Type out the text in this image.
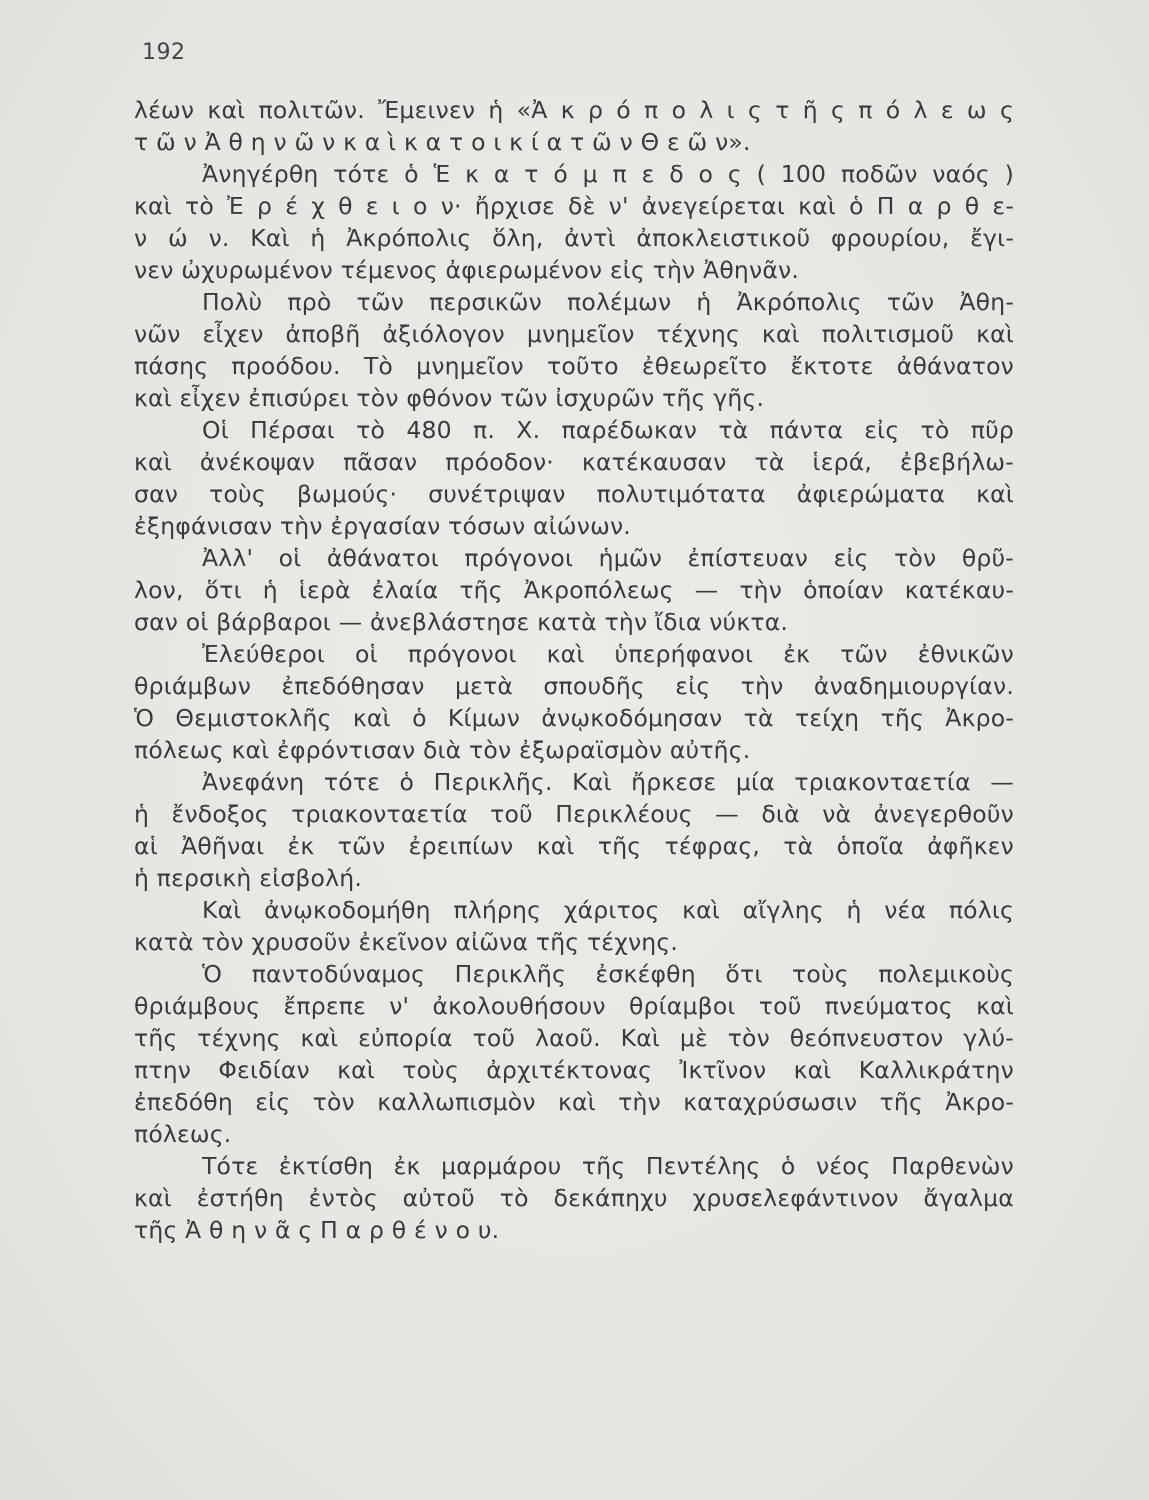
192
λέων καὶ πολιτῶν. Ἔμεινεν ἡ «Ἀ κ ρ ό π ο λ ι ς τ ῆ ς π ό λ ε ω ς
τ ῶ ν Ἀ θ η ν ῶ ν κ α ὶ κ α τ ο ι κ ί α τ ῶ ν Θ ε ῶ ν».
Ἀνηγέρθη τότε ὁ Ἑ κ α τ ό μ π ε δ ο ς ( 100 ποδῶν ναός )
καὶ τὸ Ἐ ρ έ χ θ ε ι ο ν· ἤρχισε δὲ ν' ἀνεγείρεται καὶ ὁ Π α ρ θ ε-
ν ώ ν. Καὶ ἡ Ἀκρόπολις ὅλη, ἀντὶ ἀποκλειστικοῦ φρουρίου, ἔγι-
νεν ὠχυρωμένον τέμενος ἀφιερωμένον εἰς τὴν Ἀθηνᾶν.
Πολὺ πρὸ τῶν περσικῶν πολέμων ἡ Ἀκρόπολις τῶν Ἀθη-
νῶν εἶχεν ἀποβῆ ἀξιόλογον μνημεῖον τέχνης καὶ πολιτισμοῦ καὶ
πάσης προόδου. Τὸ μνημεῖον τοῦτο ἐθεωρεῖτο ἔκτοτε ἀθάνατον
καὶ εἶχεν ἐπισύρει τὸν φθόνον τῶν ἰσχυρῶν τῆς γῆς.
Οἱ Πέρσαι τὸ 480 π. Χ. παρέδωκαν τὰ πάντα εἰς τὸ πῦρ
καὶ ἀνέκοψαν πᾶσαν πρόοδον· κατέκαυσαν τὰ ἱερά, ἐβεβήλω-
σαν τοὺς βωμούς· συνέτριψαν πολυτιμότατα ἀφιερώματα καὶ
ἐξηφάνισαν τὴν ἐργασίαν τόσων αἰώνων.
Ἀλλ' οἱ ἀθάνατοι πρόγονοι ἡμῶν ἐπίστευαν εἰς τὸν θρῦ-
λον, ὅτι ἡ ἱερὰ ἐλαία τῆς Ἀκροπόλεως — τὴν ὁποίαν κατέκαυ-
σαν οἱ βάρβαροι — ἀνεβλάστησε κατὰ τὴν ἴδια νύκτα.
Ἐλεύθεροι οἱ πρόγονοι καὶ ὑπερήφανοι ἐκ τῶν ἐθνικῶν
θριάμβων ἐπεδόθησαν μετὰ σπουδῆς εἰς τὴν ἀναδημιουργίαν.
Ὁ Θεμιστοκλῆς καὶ ὁ Κίμων ἀνῳκοδόμησαν τὰ τείχη τῆς Ἀκρο-
πόλεως καὶ ἐφρόντισαν διὰ τὸν ἐξωραϊσμὸν αὐτῆς.
Ἀνεφάνη τότε ὁ Περικλῆς. Καὶ ἤρκεσε μία τριακονταετία —
ἡ ἔνδοξος τριακονταετία τοῦ Περικλέους — διὰ νὰ ἀνεγερθοῦν
αἱ Ἀθῆναι ἐκ τῶν ἐρειπίων καὶ τῆς τέφρας, τὰ ὁποῖα ἀφῆκεν
ἡ περσικὴ εἰσβολή.
Καὶ ἀνῳκοδομήθη πλήρης χάριτος καὶ αἴγλης ἡ νέα πόλις
κατὰ τὸν χρυσοῦν ἐκεῖνον αἰῶνα τῆς τέχνης.
Ὁ παντοδύναμος Περικλῆς ἐσκέφθη ὅτι τοὺς πολεμικοὺς
θριάμβους ἔπρεπε ν' ἀκολουθήσουν θρίαμβοι τοῦ πνεύματος καὶ
τῆς τέχνης καὶ εὐπορία τοῦ λαοῦ. Καὶ μὲ τὸν θεόπνευστον γλύ-
πτην Φειδίαν καὶ τοὺς ἀρχιτέκτονας Ἰκτῖνον καὶ Καλλικράτην
ἐπεδόθη εἰς τὸν καλλωπισμὸν καὶ τὴν καταχρύσωσιν τῆς Ἀκρο-
πόλεως.
Τότε ἐκτίσθη ἐκ μαρμάρου τῆς Πεντέλης ὁ νέος Παρθενὼν
καὶ ἐστήθη ἐντὸς αὐτοῦ τὸ δεκάπηχυ χρυσελεφάντινον ἄγαλμα
τῆς Ἀ θ η ν ᾶ ς Π α ρ θ έ ν ο υ.
